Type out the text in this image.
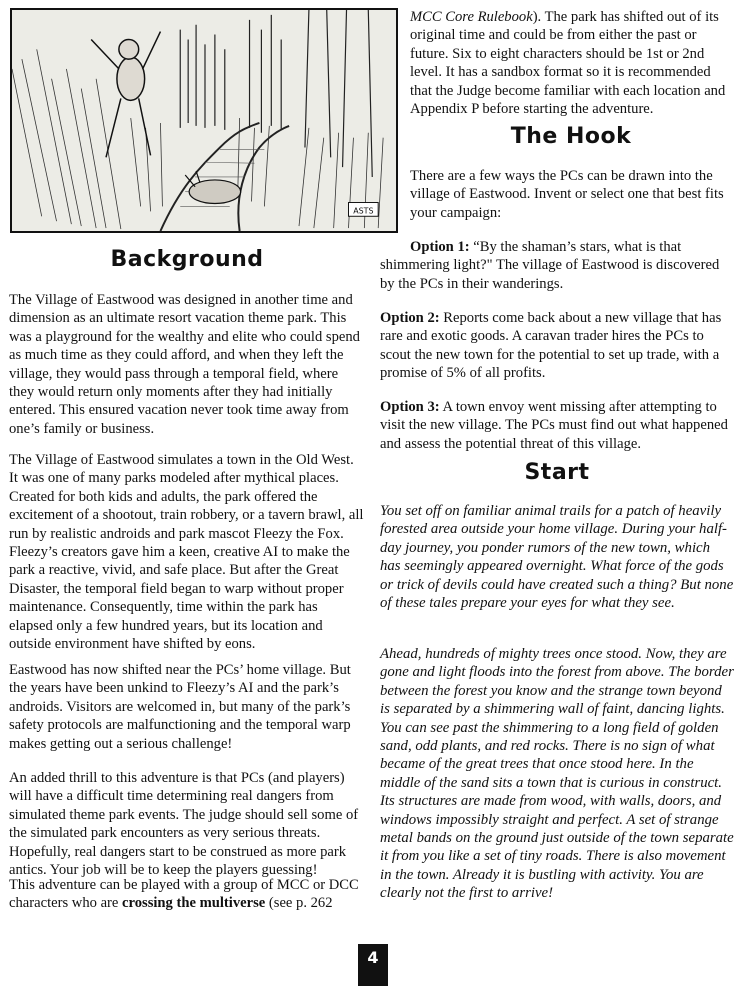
ASTS
Background

The Village of Eastwood was designed in another time and dimension as an ultimate resort vacation theme park. This was a playground for the wealthy and elite who could spend as much time as they could afford, and when they left the village, they would pass through a temporal field, where they would return only moments after they had initially entered. This ensured vacation never took time away from one’s family or business.

The Village of Eastwood simulates a town in the Old West. It was one of many parks modeled after mythical places. Created for both kids and adults, the park offered the excitement of a shootout, train robbery, or a tavern brawl, all run by realistic androids and park mascot Fleezy the Fox. Fleezy’s creators gave him a keen, creative AI to make the park a reactive, vivid, and safe place. But after the Great Disaster, the temporal field began to warp without proper maintenance. Consequently, time within the park has elapsed only a few hundred years, but its location and outside environment have shifted by eons.

Eastwood has now shifted near the PCs’ home village. But the years have been unkind to Fleezy’s AI and the park’s androids. Visitors are welcomed in, but many of the park’s safety protocols are malfunctioning and the temporal warp makes getting out a serious challenge!

An added thrill to this adventure is that PCs (and players) will have a difficult time determining real dangers from simulated theme park events. The judge should sell some of the simulated park encounters as very serious threats. Hopefully, real dangers start to be construed as more park antics. Your job will be to keep the players guessing!

This adventure can be played with a group of MCC or DCC characters who are crossing the multiverse (see p. 262

MCC Core Rulebook). The park has shifted out of its original time and could be from either the past or future. Six to eight characters should be 1st or 2nd level. It has a sandbox format so it is recommended that the Judge become familiar with each location and Appendix P before starting the adventure.

The Hook

There are a few ways the PCs can be drawn into the village of Eastwood. Invent or select one that best fits your campaign:

Option 1: “By the shaman’s stars, what is that shimmering light?" The village of Eastwood is discovered by the PCs in their wanderings.

Option 2: Reports come back about a new village that has rare and exotic goods. A caravan trader hires the PCs to scout the new town for the potential to set up trade, with a promise of 5% of all profits.

Option 3: A town envoy went missing after attempting to visit the new village. The PCs must find out what happened and assess the potential threat of this village.

Start

You set off on familiar animal trails for a patch of heavily forested area outside your home village. During your half-day journey, you ponder rumors of the new town, which has seemingly appeared overnight. What force of the gods or trick of devils could have created such a thing? But none of these tales prepare your eyes for what they see.

Ahead, hundreds of mighty trees once stood. Now, they are gone and light floods into the forest from above. The border between the forest you know and the strange town beyond is separated by a shimmering wall of faint, dancing lights. You can see past the shimmering to a long field of golden sand, odd plants, and red rocks. There is no sign of what became of the great trees that once stood here. In the middle of the sand sits a town that is curious in construct. Its structures are made from wood, with walls, doors, and windows impossibly straight and perfect. A set of strange metal bands on the ground just outside of the town separate it from you like a set of tiny roads. There is also movement in the town. Already it is bustling with activity. You are clearly not the first to arrive!

4
